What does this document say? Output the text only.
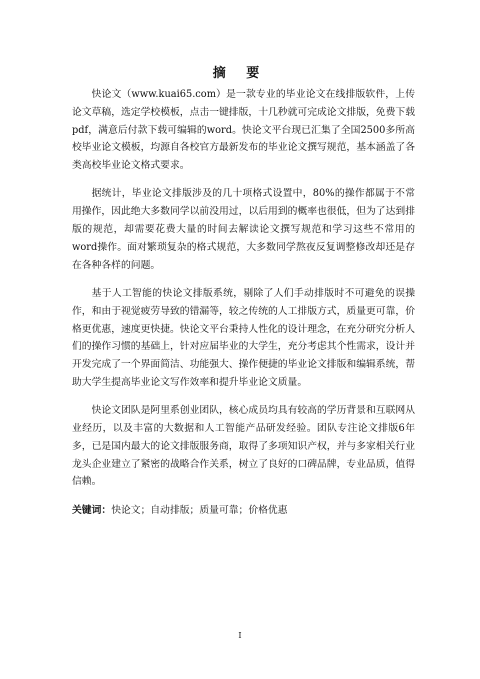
摘 要

快论文（www.kuai65.com）是一款专业的毕业论文在线排版软件，上传论文草稿，选定学校模板，点击一键排版，十几秒就可完成论文排版，免费下载pdf，满意后付款下载可编辑的word。快论文平台现已汇集了全国2500多所高校毕业论文模板，均源自各校官方最新发布的毕业论文撰写规范，基本涵盖了各类高校毕业论文格式要求。

据统计，毕业论文排版涉及的几十项格式设置中，80%的操作都属于不常用操作，因此绝大多数同学以前没用过，以后用到的概率也很低，但为了达到排版的规范，却需要花费大量的时间去解读论文撰写规范和学习这些不常用的word操作。面对繁琐复杂的格式规范，大多数同学熬夜反复调整修改却还是存在各种各样的问题。

基于人工智能的快论文排版系统，剔除了人们手动排版时不可避免的误操作，和由于视觉疲劳导致的错漏等，较之传统的人工排版方式，质量更可靠，价格更优惠，速度更快捷。快论文平台秉持人性化的设计理念，在充分研究分析人们的操作习惯的基础上，针对应届毕业的大学生，充分考虑其个性需求，设计并开发完成了一个界面简洁、功能强大、操作便捷的毕业论文排版和编辑系统，帮助大学生提高毕业论文写作效率和提升毕业论文质量。

快论文团队是阿里系创业团队，核心成员均具有较高的学历背景和互联网从业经历，以及丰富的大数据和人工智能产品研发经验。团队专注论文排版6年多，已是国内最大的论文排版服务商，取得了多项知识产权，并与多家相关行业龙头企业建立了紧密的战略合作关系，树立了良好的口碑品牌，专业品质，值得信赖。

关键词：快论文；自动排版；质量可靠；价格优惠
I
